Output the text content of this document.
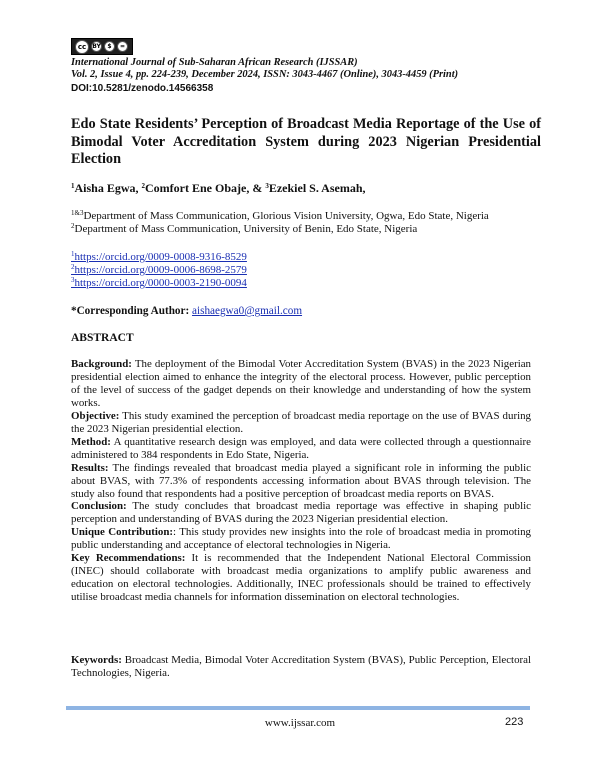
cc	BY	$	=
International Journal of Sub-Saharan African Research (IJSSAR)
Vol. 2, Issue 4, pp. 224-239, December 2024, ISSN: 3043-4467 (Online), 3043-4459 (Print)
DOI:10.5281/zenodo.14566358
Edo State Residents’ Perception of Broadcast Media Reportage of the Use of Bimodal Voter Accreditation System during 2023 Nigerian Presidential Election
$^1$Aisha Egwa, $^2$Comfort Ene Obaje, & $^3$Ezekiel S. Asemah,
$^{1\&3}$Department of Mass Communication, Glorious Vision University, Ogwa, Edo State, Nigeria
$^2$Department of Mass Communication, University of Benin, Edo State, Nigeria
$^1$https://orcid.org/0009-0008-9316-8529
$^2$https://orcid.org/0009-0006-8698-2579
$^3$https://orcid.org/0000-0003-2190-0094
*Corresponding Author: aishaegwa0@gmail.com
ABSTRACT

Background: The deployment of the Bimodal Voter Accreditation System (BVAS) in the 2023 Nigerian presidential election aimed to enhance the integrity of the electoral process. However, public perception of the level of success of the gadget depends on their knowledge and understanding of how the system works.

Objective: This study examined the perception of broadcast media reportage on the use of BVAS during the 2023 Nigerian presidential election.

Method: A quantitative research design was employed, and data were collected through a questionnaire administered to 384 respondents in Edo State, Nigeria.

Results: The findings revealed that broadcast media played a significant role in informing the public about BVAS, with 77.3% of respondents accessing information about BVAS through television. The study also found that respondents had a positive perception of broadcast media reports on BVAS.

Conclusion: The study concludes that broadcast media reportage was effective in shaping public perception and understanding of BVAS during the 2023 Nigerian presidential election.

Unique Contribution:: This study provides new insights into the role of broadcast media in promoting public understanding and acceptance of electoral technologies in Nigeria.

Key Recommendations: It is recommended that the Independent National Electoral Commission (INEC) should collaborate with broadcast media organizations to amplify public awareness and education on electoral technologies. Additionally, INEC professionals should be trained to effectively utilise broadcast media channels for information dissemination on electoral technologies.

Keywords: Broadcast Media, Bimodal Voter Accreditation System (BVAS), Public Perception, Electoral Technologies, Nigeria.
www.ijssar.com	223
